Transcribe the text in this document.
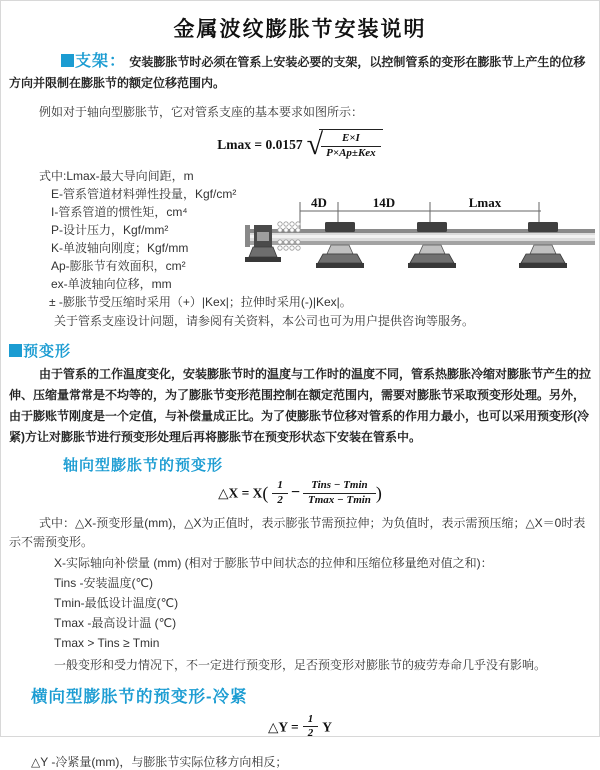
金属波纹膨胀节安装说明
支架： 安装膨胀节时必须在管系上安装必要的支架，以控制管系的变形在膨胀节上产生的位移方向并限制在膨胀节的额定位移范围内。
例如对于轴向型膨胀节，它对管系支座的基本要求如图所示：
Lmax = 0.0157 √
$\frac{E\times I}{\text{P×Ap±Kex}}$
式中:Lmax-最大导向间距，m
E-管系管道材料弹性投量，Kgf/cm²
I-管系管道的惯性矩，cm⁴
P-设计压力，Kgf/mm²
K-单波轴向刚度；Kgf/mm
Ap-膨胀节有效面积，cm²
ex-单波轴向位移，mm
± -膨胀节受压缩时采用（+）|Kex|；拉伸时采用(-)|Kex|。
关于管系支座设计问题，请参阅有关资料，本公司也可为用户提供咨询等服务。
4D	14D	Lmax
预变形
由于管系的工作温度变化，安装膨胀节时的温度与工作时的温度不同，管系热膨胀冷缩对膨胀节产生的拉伸、压缩量常常是不均等的，为了膨胀节变形范围控制在额定范围内，需要对膨胀节采取预变形处理。另外，由于膨账节刚度是一个定值，与补偿量成正比。为了使膨胀节位移对管系的作用力最小，也可以采用预变形(冷紧)方让对膨胀节进行预变形处理后再将膨胀节在预变形状态下安装在管系中。
轴向型膨胀节的预变形
△X = $X( \frac{1}{2} - \frac{\text{Tins − Tmin}}{Tmax - Tmin}$ )
式中：△X-预变形量(mm)，△X为正值时，表示膨张节需预拉伸；为负值时，表示需预压缩；△X＝0时表示不需预变形。
X-实际轴向补偿量 (mm) (相对于膨胀节中间状态的拉伸和压缩位移量绝对值之和)：
Tins -安装温度(℃)
Tmin-最低设计温度(℃)
Tmax -最高设计温 (℃)
Tmax > Tins ≥ Tmin
一般变形和受力情况下，不一定进行预变形，足否预变形对膨胀节的疲劳寿命几乎没有影响。
横向型膨胀节的预变形-冷紧
△Y = $\frac{1}{2}$ Y
△Y -冷紧量(mm)，与膨胀节实际位移方向相反；
